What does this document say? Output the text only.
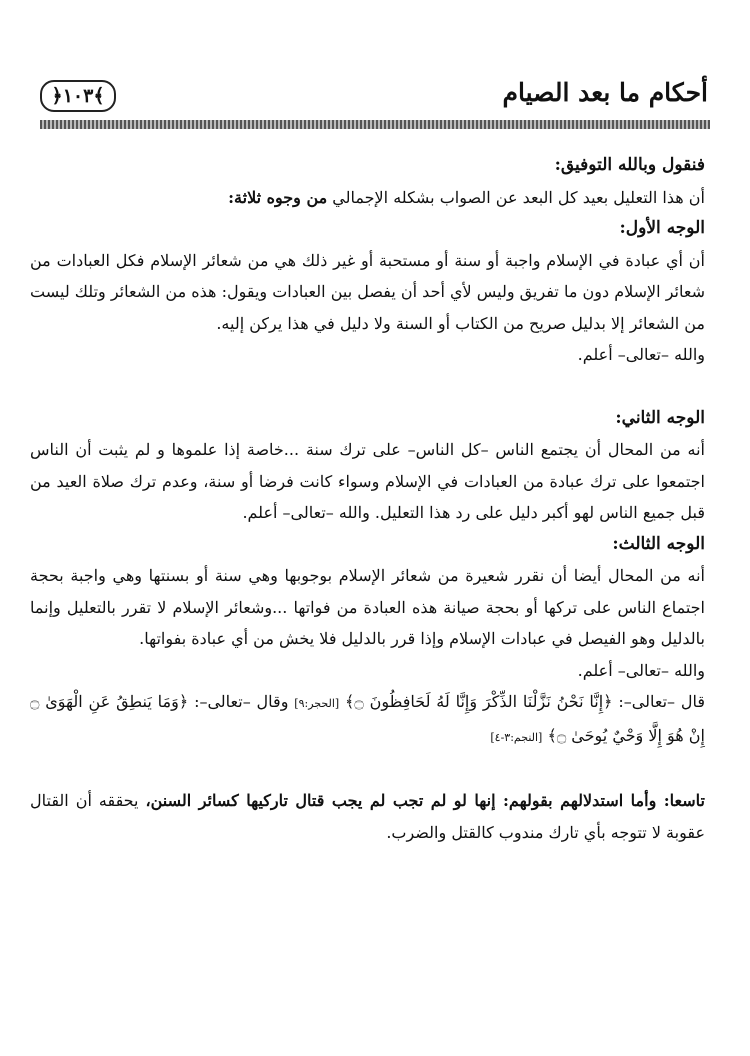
﴿١٠٣﴾	أحكام ما بعد الصيام

فنقول وبالله التوفيق:

أن هذا التعليل بعيد كل البعد عن الصواب بشكله الإجمالي من وجوه ثلاثة:

الوجه الأول:

أن أي عبادة في الإسلام واجبة أو سنة أو مستحبة أو غير ذلك هي من شعائر الإسلام فكل العبادات من شعائر الإسلام دون ما تفريق وليس لأي أحد أن يفصل بين العبادات ويقول: هذه من الشعائر وتلك ليست من الشعائر إلا بدليل صريح من الكتاب أو السنة ولا دليل في هذا يركن إليه.

والله –تعالى– أعلم.

الوجه الثاني:

أنه من المحال أن يجتمع الناس –كل الناس– على ترك سنة ...خاصة إذا علموها و لم يثبت أن الناس اجتمعوا على ترك عبادة من العبادات في الإسلام وسواء كانت فرضا أو سنة، وعدم ترك صلاة العيد من قبل جميع الناس لهو أكبر دليل على رد هذا التعليل. والله –تعالى– أعلم.

الوجه الثالث:

أنه من المحال أيضا أن نقرر شعيرة من شعائر الإسلام بوجوبها وهي سنة أو بسنتها وهي واجبة بحجة اجتماع الناس على تركها أو بحجة صيانة هذه العبادة من فواتها ...وشعائر الإسلام لا تقرر بالتعليل وإنما بالدليل وهو الفيصل في عبادات الإسلام وإذا قرر بالدليل فلا يخش من أي عبادة بفواتها.

والله –تعالى– أعلم.

قال –تعالى–: ﴿إِنَّا نَحْنُ نَزَّلْنَا الذِّكْرَ وَإِنَّا لَهُ لَحَافِظُونَ ۝﴾ [الحجر:٩] وقال –تعالى–: ﴿وَمَا يَنطِقُ عَنِ الْهَوَىٰ ۝ إِنْ هُوَ إِلَّا وَحْيٌ يُوحَىٰ ۝﴾ [النجم:٣-٤]

تاسعا: وأما استدلالهم بقولهم: إنها لو لم تجب لم يجب قتال تاركيها كسائر السنن، يحققه أن القتال عقوبة لا تتوجه بأي تارك مندوب كالقتل والضرب.
